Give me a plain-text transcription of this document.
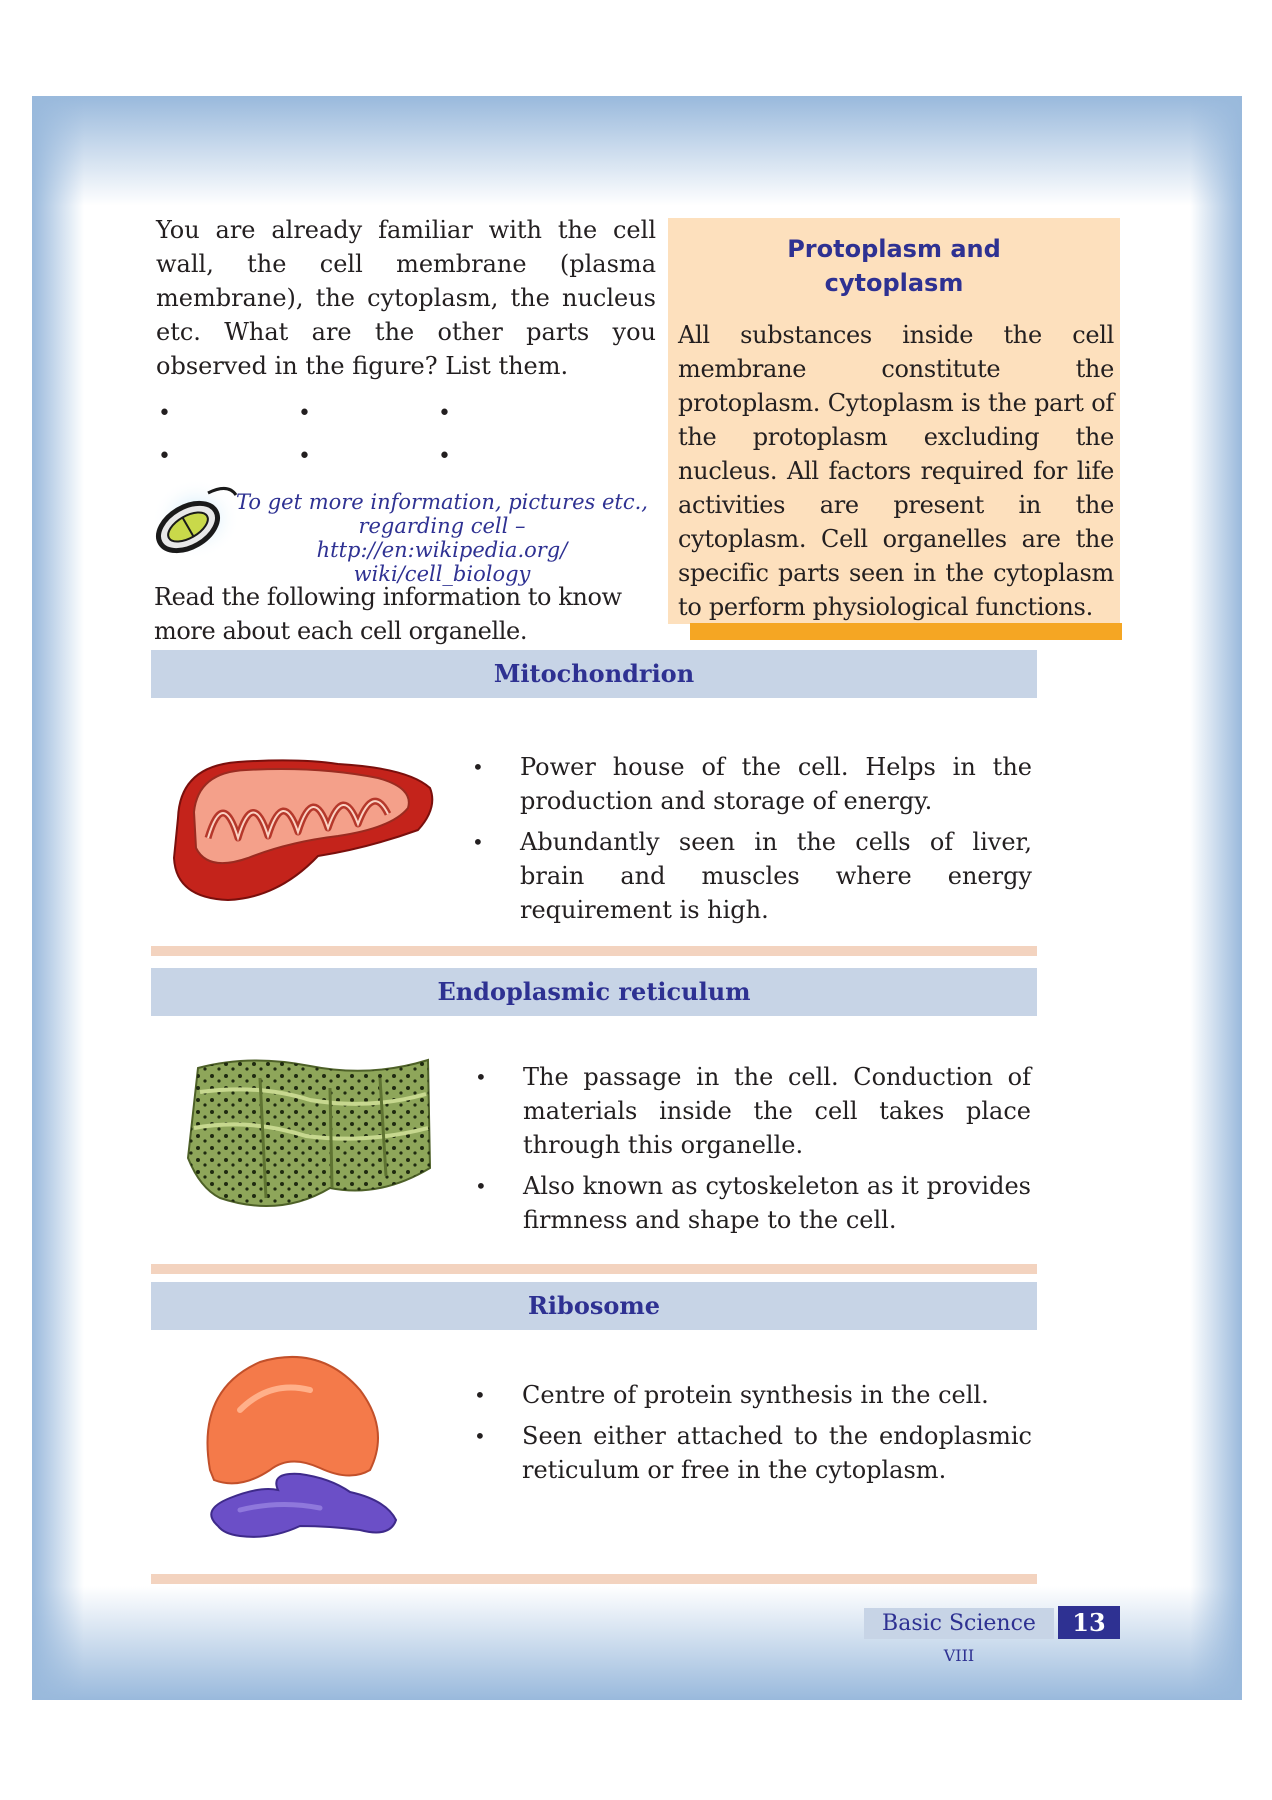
You are already familiar with the cell wall, the cell membrane (plasma membrane), the cytoplasm, the nucleus etc. What are the other parts you observed in the figure? List them.

•	•	•
•	•	•
To get more information, pictures etc.,
regarding cell – http://en:wikipedia.org/
wiki/cell_biology

Read the following information to know more about each cell organelle.

Protoplasm and
cytoplasm

All substances inside the cell membrane constitute the protoplasm. Cytoplasm is the part of the protoplasm excluding the nucleus. All factors required for life activities are present in the cytoplasm. Cell organelles are the specific parts seen in the cytoplasm to perform physiological functions.

Mitochondrion
• Power house of the cell. Helps in the production and storage of energy.
• Abundantly seen in the cells of liver, brain and muscles where energy requirement is high.
Endoplasmic reticulum
• The passage in the cell. Conduction of materials inside the cell takes place through this organelle.
• Also known as cytoskeleton as it provides firmness and shape to the cell.
Ribosome
• Centre of protein synthesis in the cell.
• Seen either attached to the endoplasmic reticulum or free in the cytoplasm.
Basic Science VIII
13
